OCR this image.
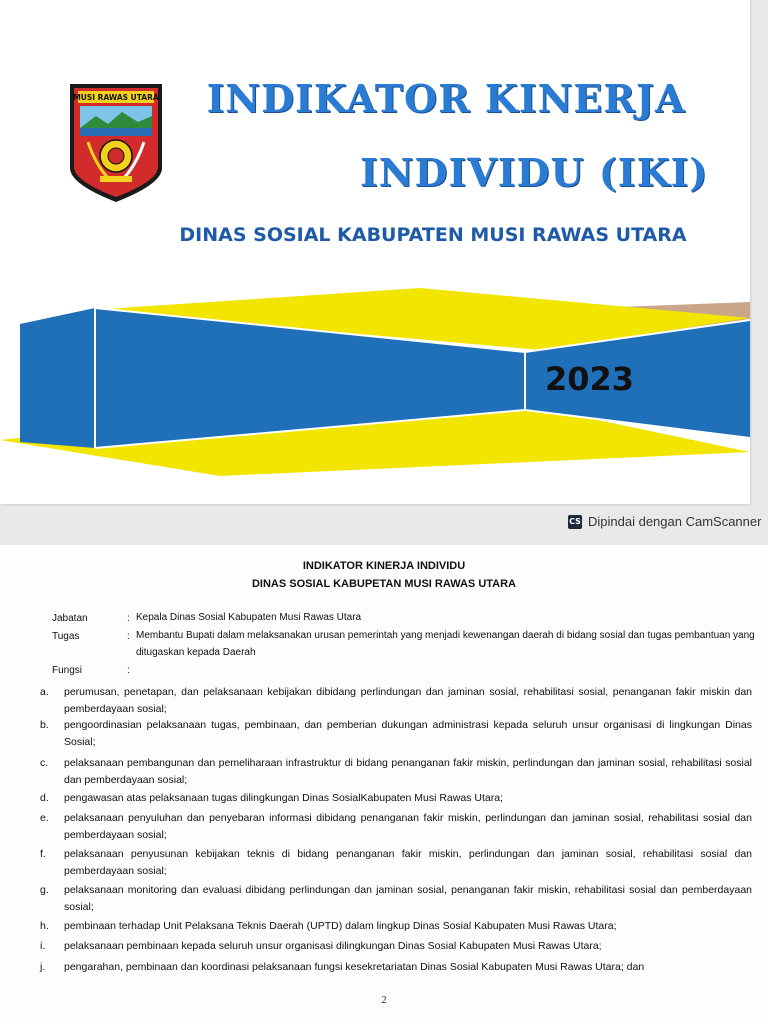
MUSI RAWAS UTARA INDIKATOR KINERJA
INDIVIDU (IKI)
DINAS SOSIAL KABUPATEN MUSI RAWAS UTARA
2023
CS Dipindai dengan CamScanner
INDIKATOR KINERJA INDIVIDU
DINAS SOSIAL KABUPETAN MUSI RAWAS UTARA
Jabatan	: Kepala Dinas Sosial Kabupaten Musi Rawas Utara
Tugas	: Membantu Bupati dalam melaksanakan urusan pemerintah yang menjadi kewenangan daerah di bidang sosial dan tugas pembantuan yang ditugaskan kepada Daerah
Fungsi	:
a.	perumusan, penetapan, dan pelaksanaan kebijakan dibidang perlindungan dan jaminan sosial, rehabilitasi sosial, penanganan fakir miskin dan pemberdayaan sosial;
b.	pengoordinasian pelaksanaan tugas, pembinaan, dan pemberian dukungan administrasi kepada seluruh unsur organisasi di lingkungan Dinas Sosial;
c.	pelaksanaan pembangunan dan pemeliharaan infrastruktur di bidang penanganan fakir miskin, perlindungan dan jaminan sosial, rehabilitasi sosial dan pemberdayaan sosial;
d.	pengawasan atas pelaksanaan tugas dilingkungan Dinas SosialKabupaten Musi Rawas Utara;
e.	pelaksanaan penyuluhan dan penyebaran informasi dibidang penanganan fakir miskin, perlindungan dan jaminan sosial, rehabilitasi sosial dan pemberdayaan sosial;
f.	pelaksanaan penyusunan kebijakan teknis di bidang penanganan fakir miskin, perlindungan dan jaminan sosial, rehabilitasi sosial dan pemberdayaan sosial;
g.	pelaksanaan monitoring dan evaluasi dibidang perlindungan dan jaminan sosial, penanganan fakir miskin, rehabilitasi sosial dan pemberdayaan sosial;
h.	pembinaan terhadap Unit Pelaksana Teknis Daerah (UPTD) dalam lingkup Dinas Sosial Kabupaten Musi Rawas Utara;
i.	pelaksanaan pembinaan kepada seluruh unsur organisasi dilingkungan Dinas Sosial Kabupaten Musi Rawas Utara;
j.	pengarahan, pembinaan dan koordinasi pelaksanaan fungsi kesekretariatan Dinas Sosial Kabupaten Musi Rawas Utara; dan
2
